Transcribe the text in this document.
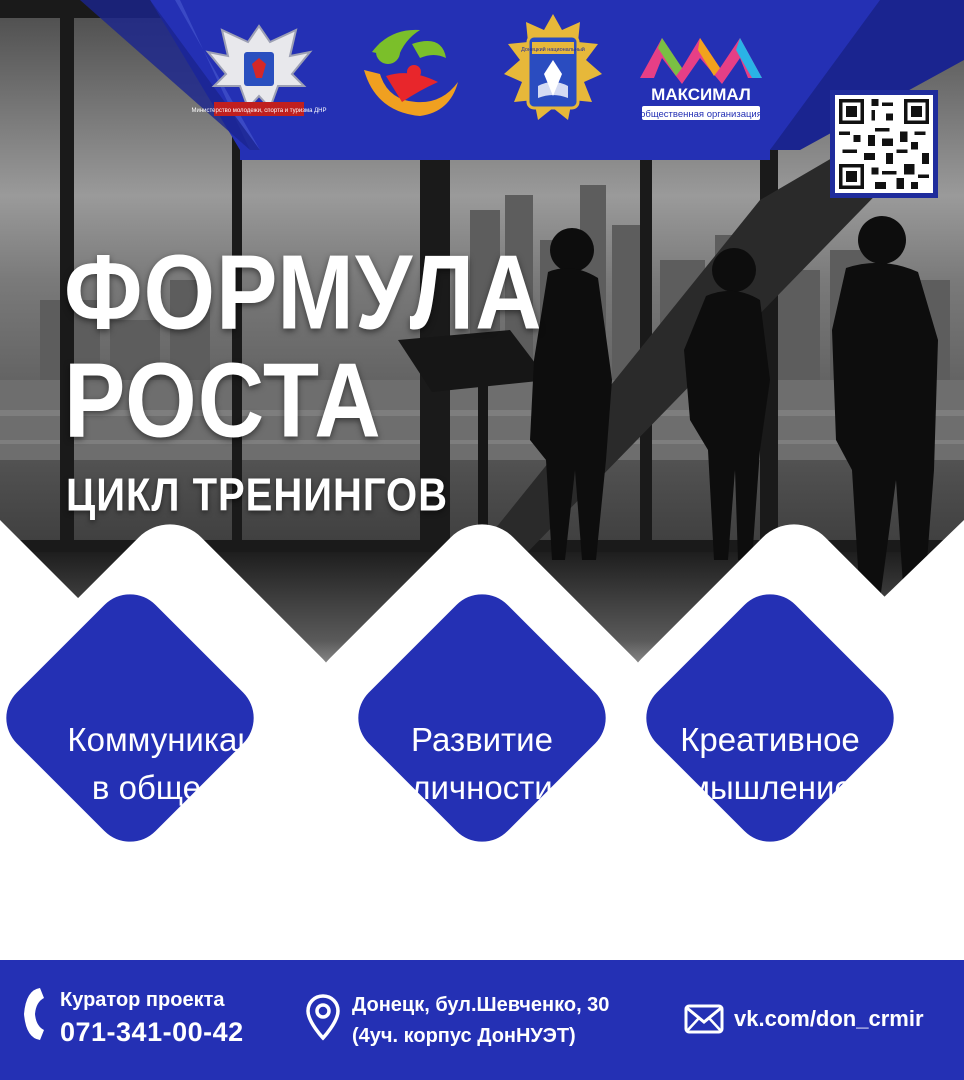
Министерство молодежи, спорта и туризма ДНР
Донецкий национальный
МАКСИМАЛ
общественная организация
ФОРМУЛА
РОСТА
ЦИКЛ ТРЕНИНГОВ
Коммуникация
в обществе
Развитие
личности
Креативное
мышление
Куратор проекта
071-341-00-42
Донецк, бул.Шевченко, 30
(4уч. корпус ДонНУЭТ)
vk.com/don_crmir
